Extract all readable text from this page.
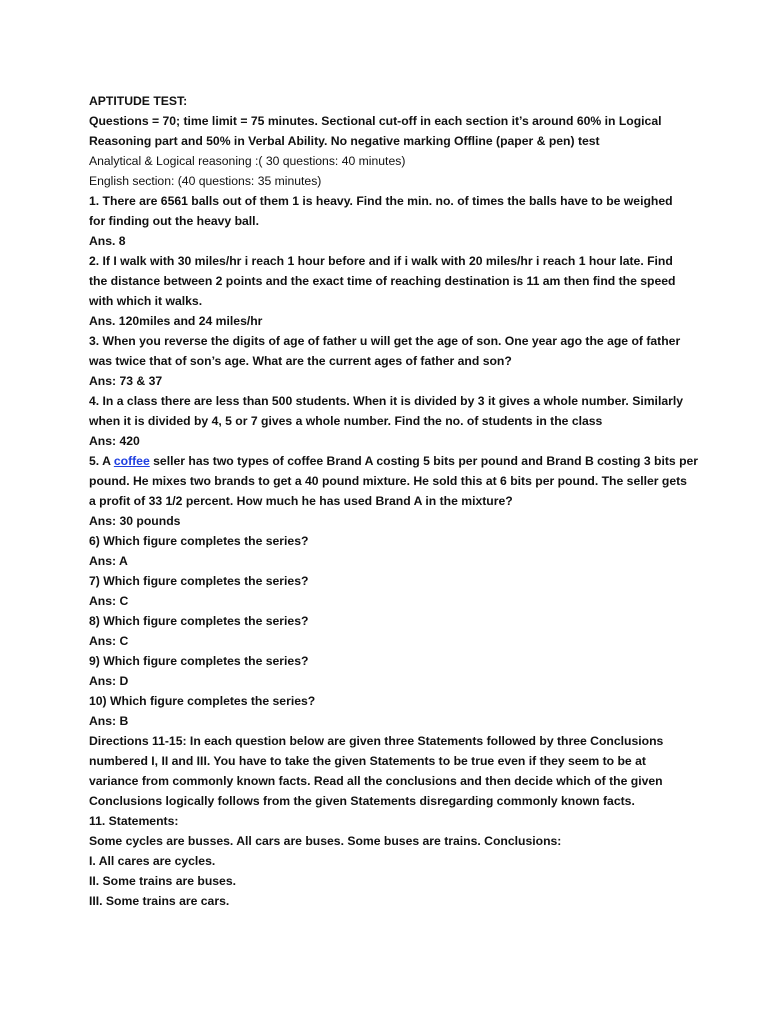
APTITUDE TEST:
Questions = 70; time limit = 75 minutes. Sectional cut-off in each section it’s around 60% in Logical
Reasoning part and 50% in Verbal Ability. No negative marking Offline (paper & pen) test
Analytical & Logical reasoning :( 30 questions: 40 minutes)
English section: (40 questions: 35 minutes)
1. There are 6561 balls out of them 1 is heavy. Find the min. no. of times the balls have to be weighed
for finding out the heavy ball.
Ans. 8
2. If I walk with 30 miles/hr i reach 1 hour before and if i walk with 20 miles/hr i reach 1 hour late. Find
the distance between 2 points and the exact time of reaching destination is 11 am then find the speed
with which it walks.
Ans. 120miles and 24 miles/hr
3. When you reverse the digits of age of father u will get the age of son. One year ago the age of father
was twice that of son’s age. What are the current ages of father and son?
Ans: 73 & 37
4. In a class there are less than 500 students. When it is divided by 3 it gives a whole number. Similarly
when it is divided by 4, 5 or 7 gives a whole number. Find the no. of students in the class
Ans: 420
5. A coffee seller has two types of coffee Brand A costing 5 bits per pound and Brand B costing 3 bits per
pound. He mixes two brands to get a 40 pound mixture. He sold this at 6 bits per pound. The seller gets
a profit of 33 1/2 percent. How much he has used Brand A in the mixture?
Ans: 30 pounds
6) Which figure completes the series?
Ans: A
7) Which figure completes the series?
Ans: C
8) Which figure completes the series?
Ans: C
9) Which figure completes the series?
Ans: D
10) Which figure completes the series?
Ans: B
Directions 11-15: In each question below are given three Statements followed by three Conclusions
numbered I, II and III. You have to take the given Statements to be true even if they seem to be at
variance from commonly known facts. Read all the conclusions and then decide which of the given
Conclusions logically follows from the given Statements disregarding commonly known facts.
11. Statements:
Some cycles are busses. All cars are buses. Some buses are trains. Conclusions:
I. All cares are cycles.
II. Some trains are buses.
III. Some trains are cars.
